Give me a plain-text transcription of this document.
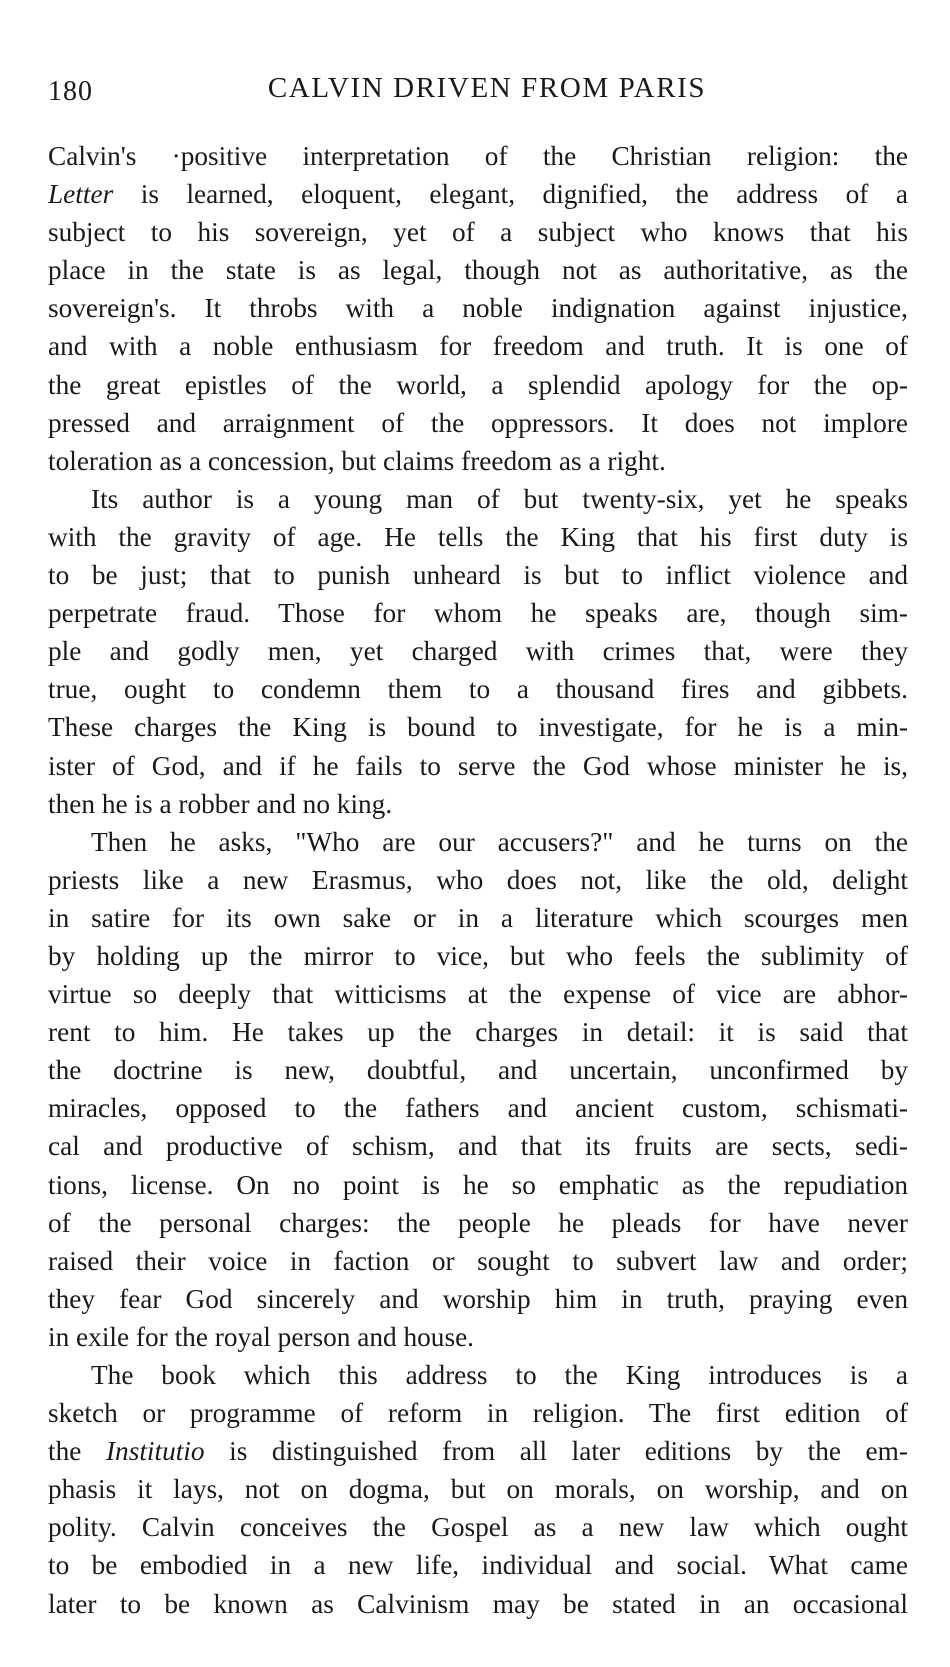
180	CALVIN DRIVEN FROM PARIS
Calvin's ·positive interpretation of the Christian religion: the
Letter is learned, eloquent, elegant, dignified, the address of a
subject to his sovereign, yet of a subject who knows that his
place in the state is as legal, though not as authoritative, as the
sovereign's. It throbs with a noble indignation against injustice,
and with a noble enthusiasm for freedom and truth. It is one of
the great epistles of the world, a splendid apology for the op-
pressed and arraignment of the oppressors. It does not implore
toleration as a concession, but claims freedom as a right.
Its author is a young man of but twenty-six, yet he speaks
with the gravity of age. He tells the King that his first duty is
to be just; that to punish unheard is but to inflict violence and
perpetrate fraud. Those for whom he speaks are, though sim-
ple and godly men, yet charged with crimes that, were they
true, ought to condemn them to a thousand fires and gibbets.
These charges the King is bound to investigate, for he is a min-
ister of God, and if he fails to serve the God whose minister he is,
then he is a robber and no king.
Then he asks, "Who are our accusers?" and he turns on the
priests like a new Erasmus, who does not, like the old, delight
in satire for its own sake or in a literature which scourges men
by holding up the mirror to vice, but who feels the sublimity of
virtue so deeply that witticisms at the expense of vice are abhor-
rent to him. He takes up the charges in detail: it is said that
the doctrine is new, doubtful, and uncertain, unconfirmed by
miracles, opposed to the fathers and ancient custom, schismati-
cal and productive of schism, and that its fruits are sects, sedi-
tions, license. On no point is he so emphatic as the repudiation
of the personal charges: the people he pleads for have never
raised their voice in faction or sought to subvert law and order;
they fear God sincerely and worship him in truth, praying even
in exile for the royal person and house.
The book which this address to the King introduces is a
sketch or programme of reform in religion. The first edition of
the Institutio is distinguished from all later editions by the em-
phasis it lays, not on dogma, but on morals, on worship, and on
polity. Calvin conceives the Gospel as a new law which ought
to be embodied in a new life, individual and social. What came
later to be known as Calvinism may be stated in an occasional
